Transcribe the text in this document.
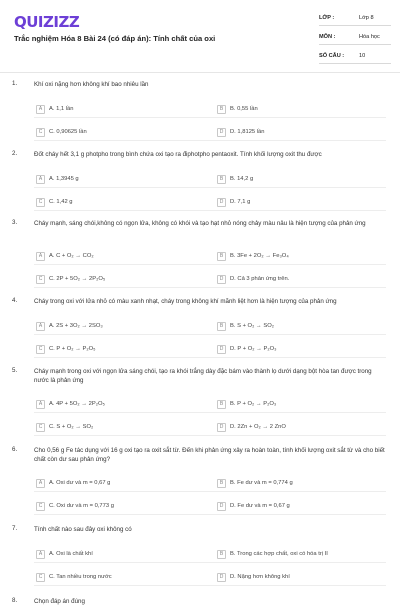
QUIZIZZ
Trắc nghiệm Hóa 8 Bài 24 (có đáp án): Tính chất của oxi
LỚP :	Lớp 8
MÔN :	Hóa học
SỐ CÂU :	10
1.	Khí oxi nặng hơn không khí bao nhiêu lần
A	A. 1,1 lần	B	B. 0,55 lần
C	C. 0,90625 lần	D	D. 1,8125 lần
2.	Đốt cháy hết 3,1 g photpho trong bình chứa oxi tạo ra điphotpho pentaoxit. Tính khối lượng oxit thu được
A	A. 1,3945 g	B	B. 14,2 g
C	C. 1,42 g	D	D. 7,1 g
3.	Cháy mạnh, sáng chói,không có ngọn lửa, không có khói và tạo hạt nhỏ nóng chảy màu nâu là hiện tượng của phản ứng
A	A. C + O₂ → CO₂	B	B. 3Fe + 2O₂ → Fe₃O₄
C	C. 2P + 5O₂ → 2P₂O₅	D	D. Cả 3 phản ứng trên.
4.	Cháy trong oxi với lửa nhỏ có màu xanh nhạt, cháy trong không khí mãnh liệt hơn là hiện tượng của phản ứng
A	A. 2S + 3O₂ → 2SO₃	B	B. S + O₂ → SO₂
C	C. P + O₂ → P₂O₅	D	D. P + O₂ → P₂O₃
5.	Cháy mạnh trong oxi với ngọn lửa sáng chói, tạo ra khói trắng dày đặc bám vào thành lọ dưới dạng bột hòa tan được trong nước là phản ứng
A	A. 4P + 5O₂ → 2P₂O₅	B	B. P + O₂ → P₂O₃
C	C. S + O₂ → SO₂	D	D. 2Zn + O₂ → 2 ZnO
6.	Cho 0,56 g Fe tác dụng với 16 g oxi tạo ra oxit sắt từ. Đến khi phản ứng xảy ra hoàn toàn, tính khối lượng oxit sắt từ và cho biết chất còn dư sau phản ứng?
A	A. Oxi dư và m = 0,67 g	B	B. Fe dư và m = 0,774 g
C	C. Oxi dư và m = 0,773 g	D	D. Fe dư và m = 0,67 g
7.	Tính chất nào sau đây oxi không có
A	A. Oxi là chất khí	B	B. Trong các hợp chất, oxi có hóa trị II
C	C. Tan nhiều trong nước	D	D. Nặng hơn không khí
8.	Chọn đáp án đúng
